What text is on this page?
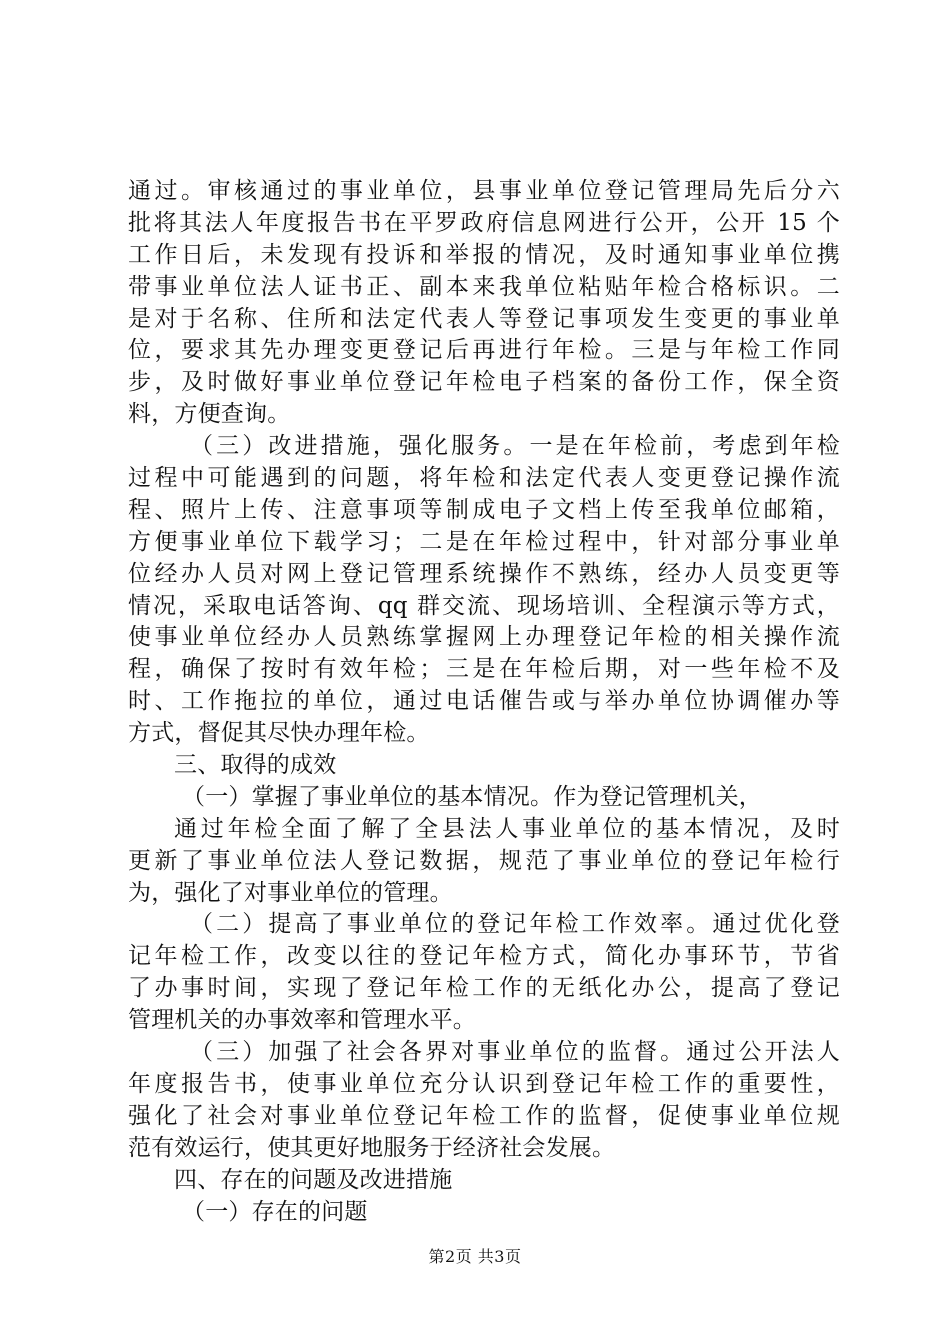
通过。审核通过的事业单位，县事业单位登记管理局先后分六
批将其法人年度报告书在平罗政府信息网进行公开，公开 15 个
工作日后，未发现有投诉和举报的情况，及时通知事业单位携
带事业单位法人证书正、副本来我单位粘贴年检合格标识。二
是对于名称、住所和法定代表人等登记事项发生变更的事业单
位，要求其先办理变更登记后再进行年检。三是与年检工作同
步，及时做好事业单位登记年检电子档案的备份工作，保全资
料，方便查询。
（三）改进措施，强化服务。一是在年检前，考虑到年检
过程中可能遇到的问题，将年检和法定代表人变更登记操作流
程、照片上传、注意事项等制成电子文档上传至我单位邮箱，
方便事业单位下载学习；二是在年检过程中，针对部分事业单
位经办人员对网上登记管理系统操作不熟练，经办人员变更等
情况，采取电话答询、qq 群交流、现场培训、全程演示等方式，
使事业单位经办人员熟练掌握网上办理登记年检的相关操作流
程，确保了按时有效年检；三是在年检后期，对一些年检不及
时、工作拖拉的单位，通过电话催告或与举办单位协调催办等
方式，督促其尽快办理年检。
三、取得的成效
（一）掌握了事业单位的基本情况。作为登记管理机关，
通过年检全面了解了全县法人事业单位的基本情况，及时
更新了事业单位法人登记数据，规范了事业单位的登记年检行
为，强化了对事业单位的管理。
（二）提高了事业单位的登记年检工作效率。通过优化登
记年检工作，改变以往的登记年检方式，简化办事环节，节省
了办事时间，实现了登记年检工作的无纸化办公，提高了登记
管理机关的办事效率和管理水平。
（三）加强了社会各界对事业单位的监督。通过公开法人
年度报告书，使事业单位充分认识到登记年检工作的重要性，
强化了社会对事业单位登记年检工作的监督，促使事业单位规
范有效运行，使其更好地服务于经济社会发展。
四、存在的问题及改进措施
（一）存在的问题
第2页 共3页
